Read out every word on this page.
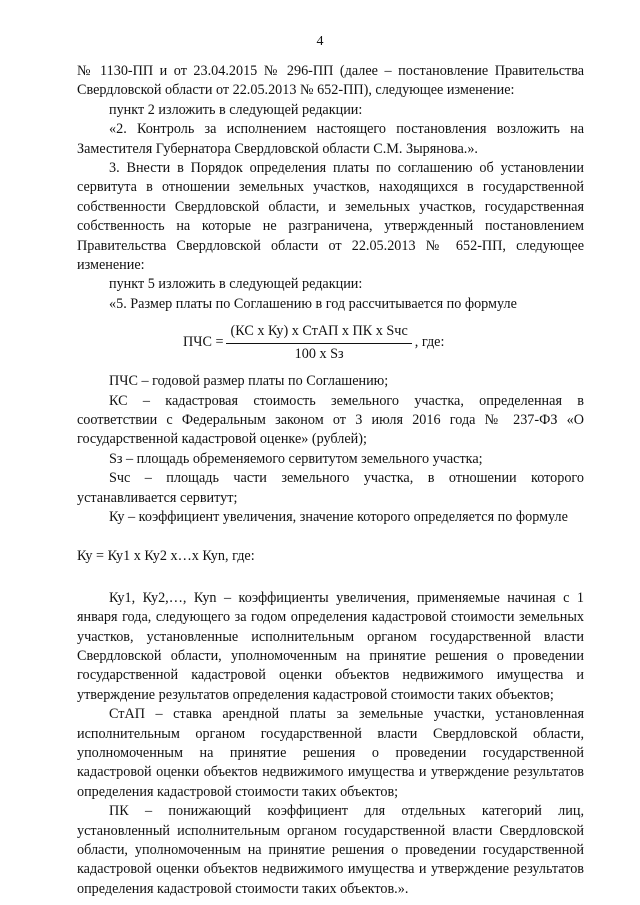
4

№ 1130-ПП и от 23.04.2015 № 296-ПП (далее – постановление Правительства Свердловской области от 22.05.2013 № 652-ПП), следующее изменение:

пункт 2 изложить в следующей редакции:

«2. Контроль за исполнением настоящего постановления возложить на Заместителя Губернатора Свердловской области С.М. Зырянова.».

3. Внести в Порядок определения платы по соглашению об установлении сервитута в отношении земельных участков, находящихся в государственной собственности Свердловской области, и земельных участков, государственная собственность на которые не разграничена, утвержденный постановлением Правительства Свердловской области от 22.05.2013 № 652-ПП, следующее изменение:

пункт 5 изложить в следующей редакции:

«5. Размер платы по Соглашению в год рассчитывается по формуле

ПЧС = $\frac{\text{(КС х Ку) х СтАП х ПК х Sчс}}{\text{100 х Sз}}$ , где:

ПЧС – годовой размер платы по Соглашению;

КС – кадастровая стоимость земельного участка, определенная в соответствии с Федеральным законом от 3 июля 2016 года № 237-ФЗ «О государственной кадастровой оценке» (рублей);

Sз – площадь обременяемого сервитутом земельного участка;

Sчс – площадь части земельного участка, в отношении которого устанавливается сервитут;

Ку – коэффициент увеличения, значение которого определяется по формуле

Ку = Ку1 х Ку2 х…х Куn, где:

Ку1, Ку2,…, Куn – коэффициенты увеличения, применяемые начиная с 1 января года, следующего за годом определения кадастровой стоимости земельных участков, установленные исполнительным органом государственной власти Свердловской области, уполномоченным на принятие решения о проведении государственной кадастровой оценки объектов недвижимого имущества и утверждение результатов определения кадастровой стоимости таких объектов;

СтАП – ставка арендной платы за земельные участки, установленная исполнительным органом государственной власти Свердловской области, уполномоченным на принятие решения о проведении государственной кадастровой оценки объектов недвижимого имущества и утверждение результатов определения кадастровой стоимости таких объектов;

ПК – понижающий коэффициент для отдельных категорий лиц, установленный исполнительным органом государственной власти Свердловской области, уполномоченным на принятие решения о проведении государственной кадастровой оценки объектов недвижимого имущества и утверждение результатов определения кадастровой стоимости таких объектов.».
